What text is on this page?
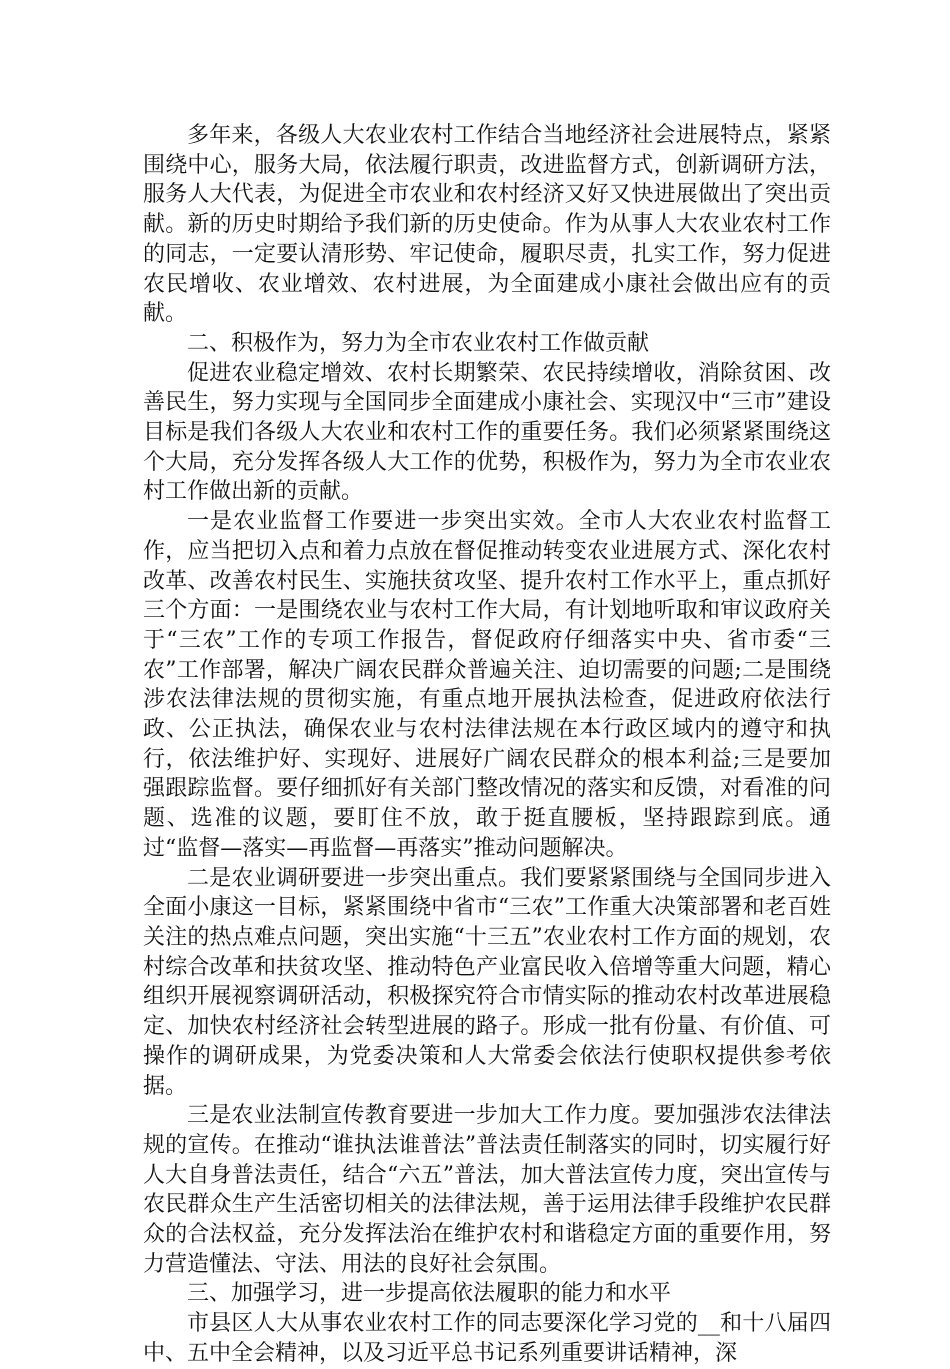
多年来，各级人大农业农村工作结合当地经济社会进展特点，紧紧围绕中心，服务大局，依法履行职责，改进监督方式，创新调研方法，服务人大代表，为促进全市农业和农村经济又好又快进展做出了突出贡献。新的历史时期给予我们新的历史使命。作为从事人大农业农村工作的同志，一定要认清形势、牢记使命，履职尽责，扎实工作，努力促进农民增收、农业增效、农村进展，为全面建成小康社会做出应有的贡献。

二、积极作为，努力为全市农业农村工作做贡献

促进农业稳定增效、农村长期繁荣、农民持续增收，消除贫困、改善民生，努力实现与全国同步全面建成小康社会、实现汉中“三市”建设目标是我们各级人大农业和农村工作的重要任务。我们必须紧紧围绕这个大局，充分发挥各级人大工作的优势，积极作为，努力为全市农业农村工作做出新的贡献。

一是农业监督工作要进一步突出实效。全市人大农业农村监督工作，应当把切入点和着力点放在督促推动转变农业进展方式、深化农村改革、改善农村民生、实施扶贫攻坚、提升农村工作水平上，重点抓好三个方面：一是围绕农业与农村工作大局，有计划地听取和审议政府关于“三农”工作的专项工作报告，督促政府仔细落实中央、省市委“三农”工作部署，解决广阔农民群众普遍关注、迫切需要的问题;二是围绕涉农法律法规的贯彻实施，有重点地开展执法检查，促进政府依法行政、公正执法，确保农业与农村法律法规在本行政区域内的遵守和执行，依法维护好、实现好、进展好广阔农民群众的根本利益;三是要加强跟踪监督。要仔细抓好有关部门整改情况的落实和反馈，对看准的问题、选准的议题，要盯住不放，敢于挺直腰板，坚持跟踪到底。通过“监督—落实—再监督—再落实”推动问题解决。

二是农业调研要进一步突出重点。我们要紧紧围绕与全国同步进入全面小康这一目标，紧紧围绕中省市“三农”工作重大决策部署和老百姓关注的热点难点问题，突出实施“十三五”农业农村工作方面的规划，农村综合改革和扶贫攻坚、推动特色产业富民收入倍增等重大问题，精心组织开展视察调研活动，积极探究符合市情实际的推动农村改革进展稳定、加快农村经济社会转型进展的路子。形成一批有份量、有价值、可操作的调研成果，为党委决策和人大常委会依法行使职权提供参考依据。

三是农业法制宣传教育要进一步加大工作力度。要加强涉农法律法规的宣传。在推动“谁执法谁普法”普法责任制落实的同时，切实履行好人大自身普法责任，结合“六五”普法，加大普法宣传力度，突出宣传与农民群众生产生活密切相关的法律法规，善于运用法律手段维护农民群众的合法权益，充分发挥法治在维护农村和谐稳定方面的重要作用，努力营造懂法、守法、用法的良好社会氛围。

三、加强学习，进一步提高依法履职的能力和水平

市县区人大从事农业农村工作的同志要深化学习党的__和十八届四中、五中全会精神，以及习近平总书记系列重要讲话精神，深
